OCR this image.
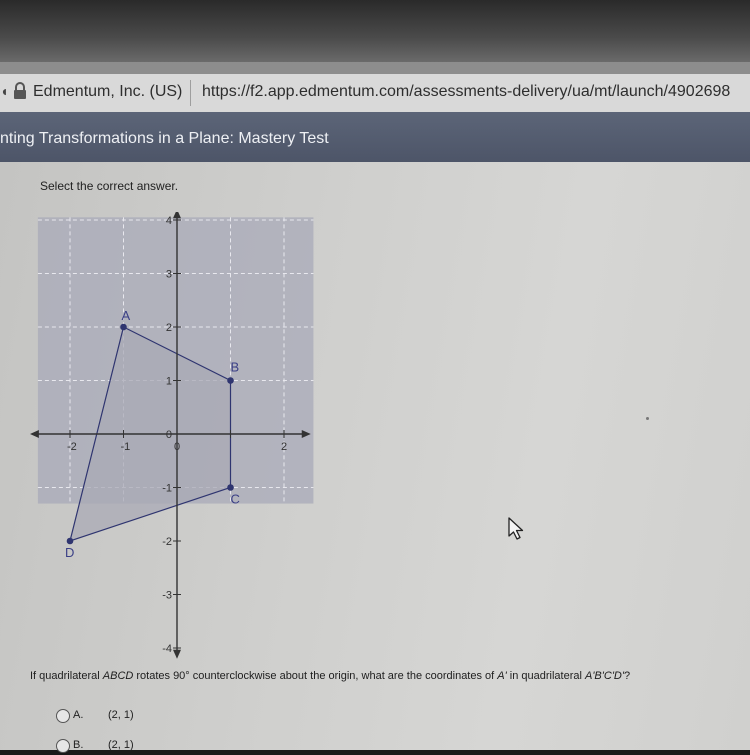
◖ Edmentum, Inc. (US) https://f2.app.edmentum.com/assessments-delivery/ua/mt/launch/4902698
nting Transformations in a Plane: Mastery Test
Select the correct answer.
-2	-1	0	2
4
3
2
1
0
-1
-2
-3
-4
A
B
C
D
If quadrilateral ABCD rotates 90° counterclockwise about the origin, what are the coordinates of A' in quadrilateral A'B'C'D'?
A. (2, 1)
B. (2, 1)
